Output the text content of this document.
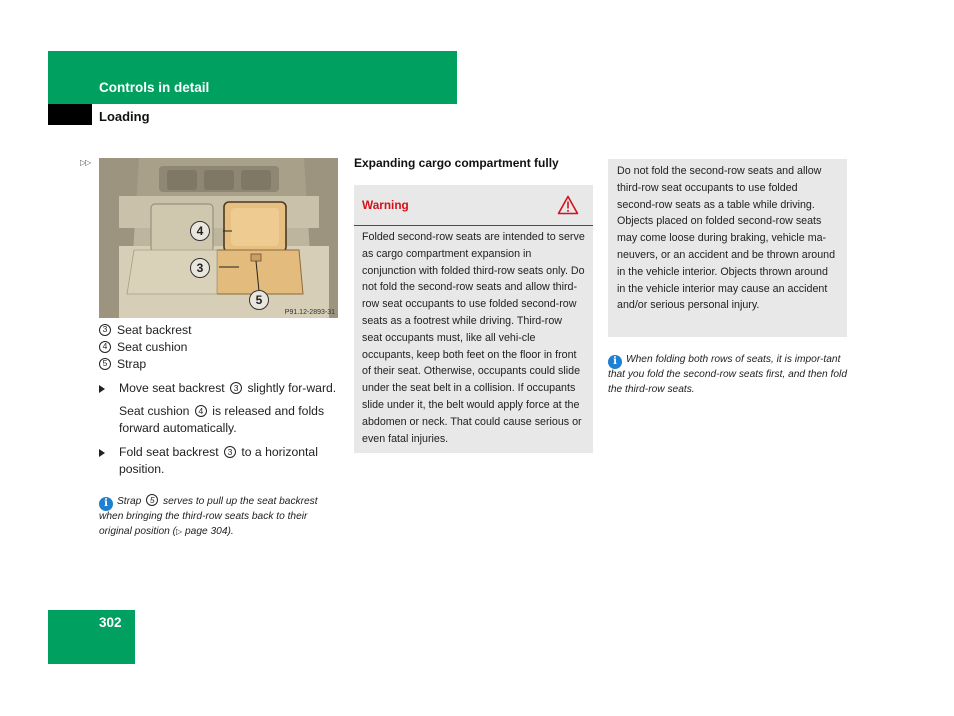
Controls in detail
Loading
▷▷
4
3
5
P91.12-2893-31
3 Seat backrest
4 Seat cushion
5 Strap
Move seat backrest 3 slightly for-ward.
Seat cushion 4 is released and folds forward automatically.
Fold seat backrest 3 to a horizontal position.
i Strap 5 serves to pull up the seat backrest when bringing the third-row seats back to their original position (▷ page 304).
Expanding cargo compartment fully
Warning
Folded second-row seats are intended to serve as cargo compartment expansion in conjunction with folded third-row seats only. Do not fold the second-row seats and allow third-row seat occupants to use folded second-row seats as a footrest while driving. Third-row seat occupants must, like all vehi-cle occupants, keep both feet on the floor in front of their seat. Otherwise, occupants could slide under the seat belt in a collision. If occupants slide under it, the belt would apply force at the abdomen or neck. That could cause serious or even fatal injuries.
Do not fold the second-row seats and allow third-row seat occupants to use folded second-row seats as a table while driving. Objects placed on folded second-row seats may come loose during braking, vehicle ma-neuvers, or an accident and be thrown around in the vehicle interior. Objects thrown around in the vehicle interior may cause an accident and/or serious personal injury.
i When folding both rows of seats, it is impor-tant that you fold the second-row seats first, and then fold the third-row seats.
302
